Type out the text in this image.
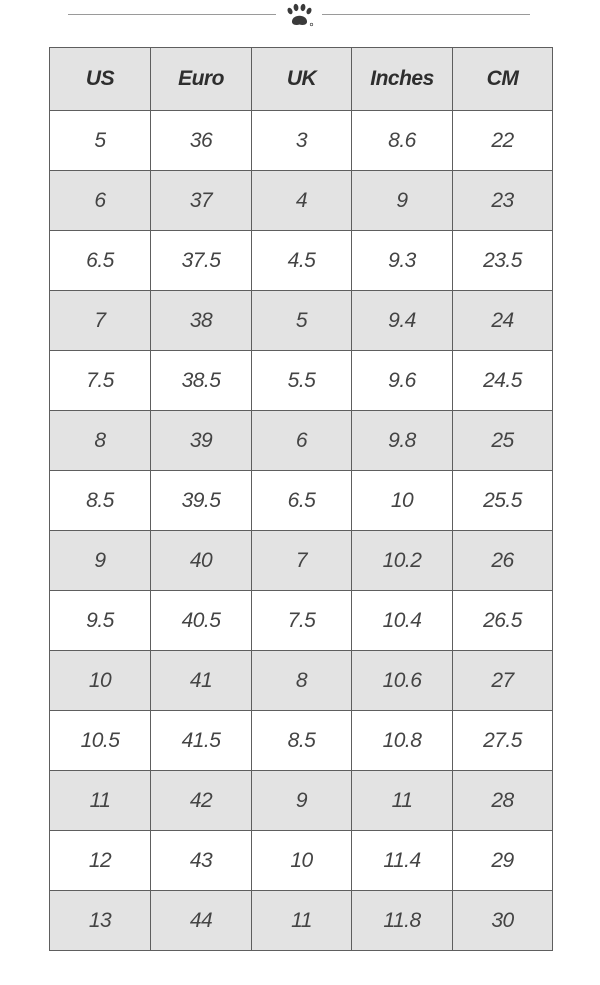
US	Euro	UK	Inches	CM
5	36	3	8.6	22
6	37	4	9	23
6.5	37.5	4.5	9.3	23.5
7	38	5	9.4	24
7.5	38.5	5.5	9.6	24.5
8	39	6	9.8	25
8.5	39.5	6.5	10	25.5
9	40	7	10.2	26
9.5	40.5	7.5	10.4	26.5
10	41	8	10.6	27
10.5	41.5	8.5	10.8	27.5
11	42	9	11	28
12	43	10	11.4	29
13	44	11	11.8	30
